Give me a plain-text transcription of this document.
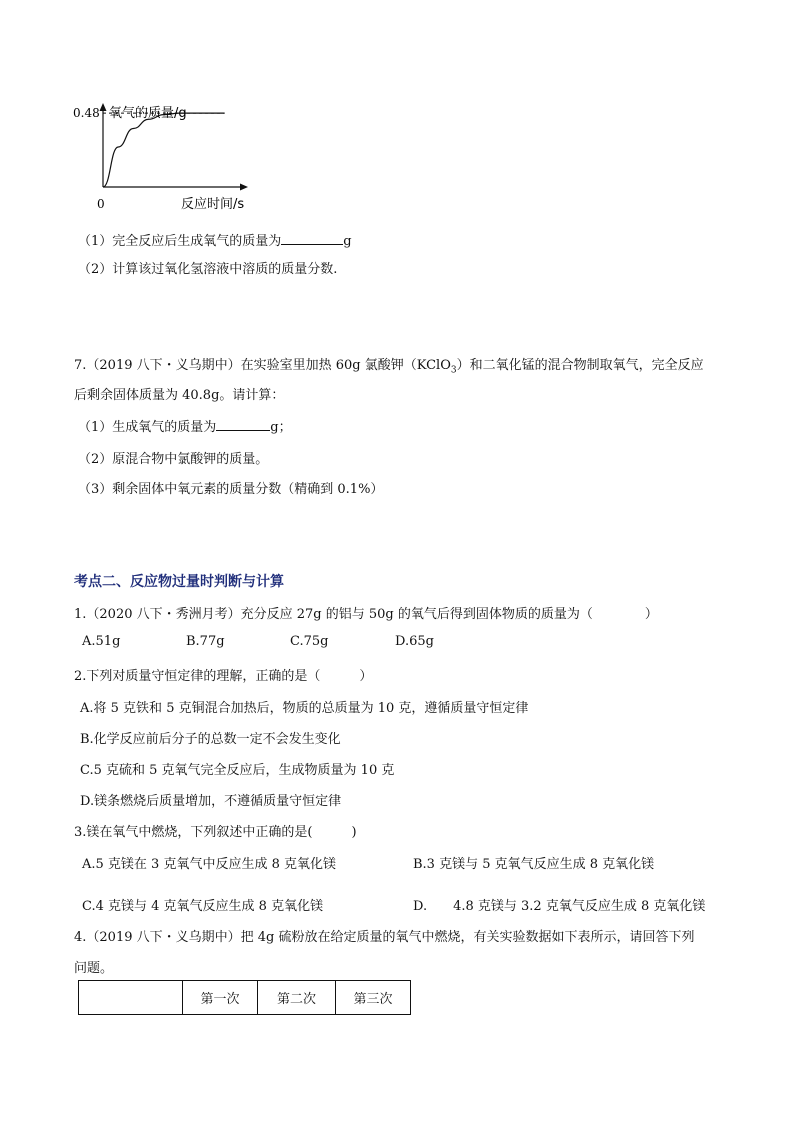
氧气的质量/g
反应时间/s
0
0.48
（1）完全反应后生成氧气的质量为	g
（2）计算该过氧化氢溶液中溶质的质量分数.
7.（2019 八下・义乌期中）在实验室里加热 60g 氯酸钾（KClO$_3$）和二氧化锰的混合物制取氧气，完全反应
后剩余固体质量为 40.8g。请计算：
（1）生成氧气的质量为	g；
（2）原混合物中氯酸钾的质量。
（3）剩余固体中氧元素的质量分数（精确到 0.1%）
考点二、反应物过量时判断与计算
1.（2020 八下・秀洲月考）充分反应 27g 的铝与 50g 的氧气后得到固体物质的质量为（　　　　）
A.51g	B.77g	C.75g	D.65g
2.下列对质量守恒定律的理解，正确的是（　　　）
A.将 5 克铁和 5 克铜混合加热后，物质的总质量为 10 克，遵循质量守恒定律
B.化学反应前后分子的总数一定不会发生变化
C.5 克硫和 5 克氧气完全反应后，生成物质量为 10 克
D.镁条燃烧后质量增加，不遵循质量守恒定律
3.镁在氧气中燃烧，下列叙述中正确的是(　　　)
A.5 克镁在 3 克氧气中反应生成 8 克氧化镁	B.3 克镁与 5 克氧气反应生成 8 克氧化镁
C.4 克镁与 4 克氧气反应生成 8 克氧化镁	D.　　4.8 克镁与 3.2 克氧气反应生成 8 克氧化镁
4.（2019 八下・义乌期中）把 4g 硫粉放在给定质量的氧气中燃烧，有关实验数据如下表所示，请回答下列
问题。
	第一次	第二次	第三次
